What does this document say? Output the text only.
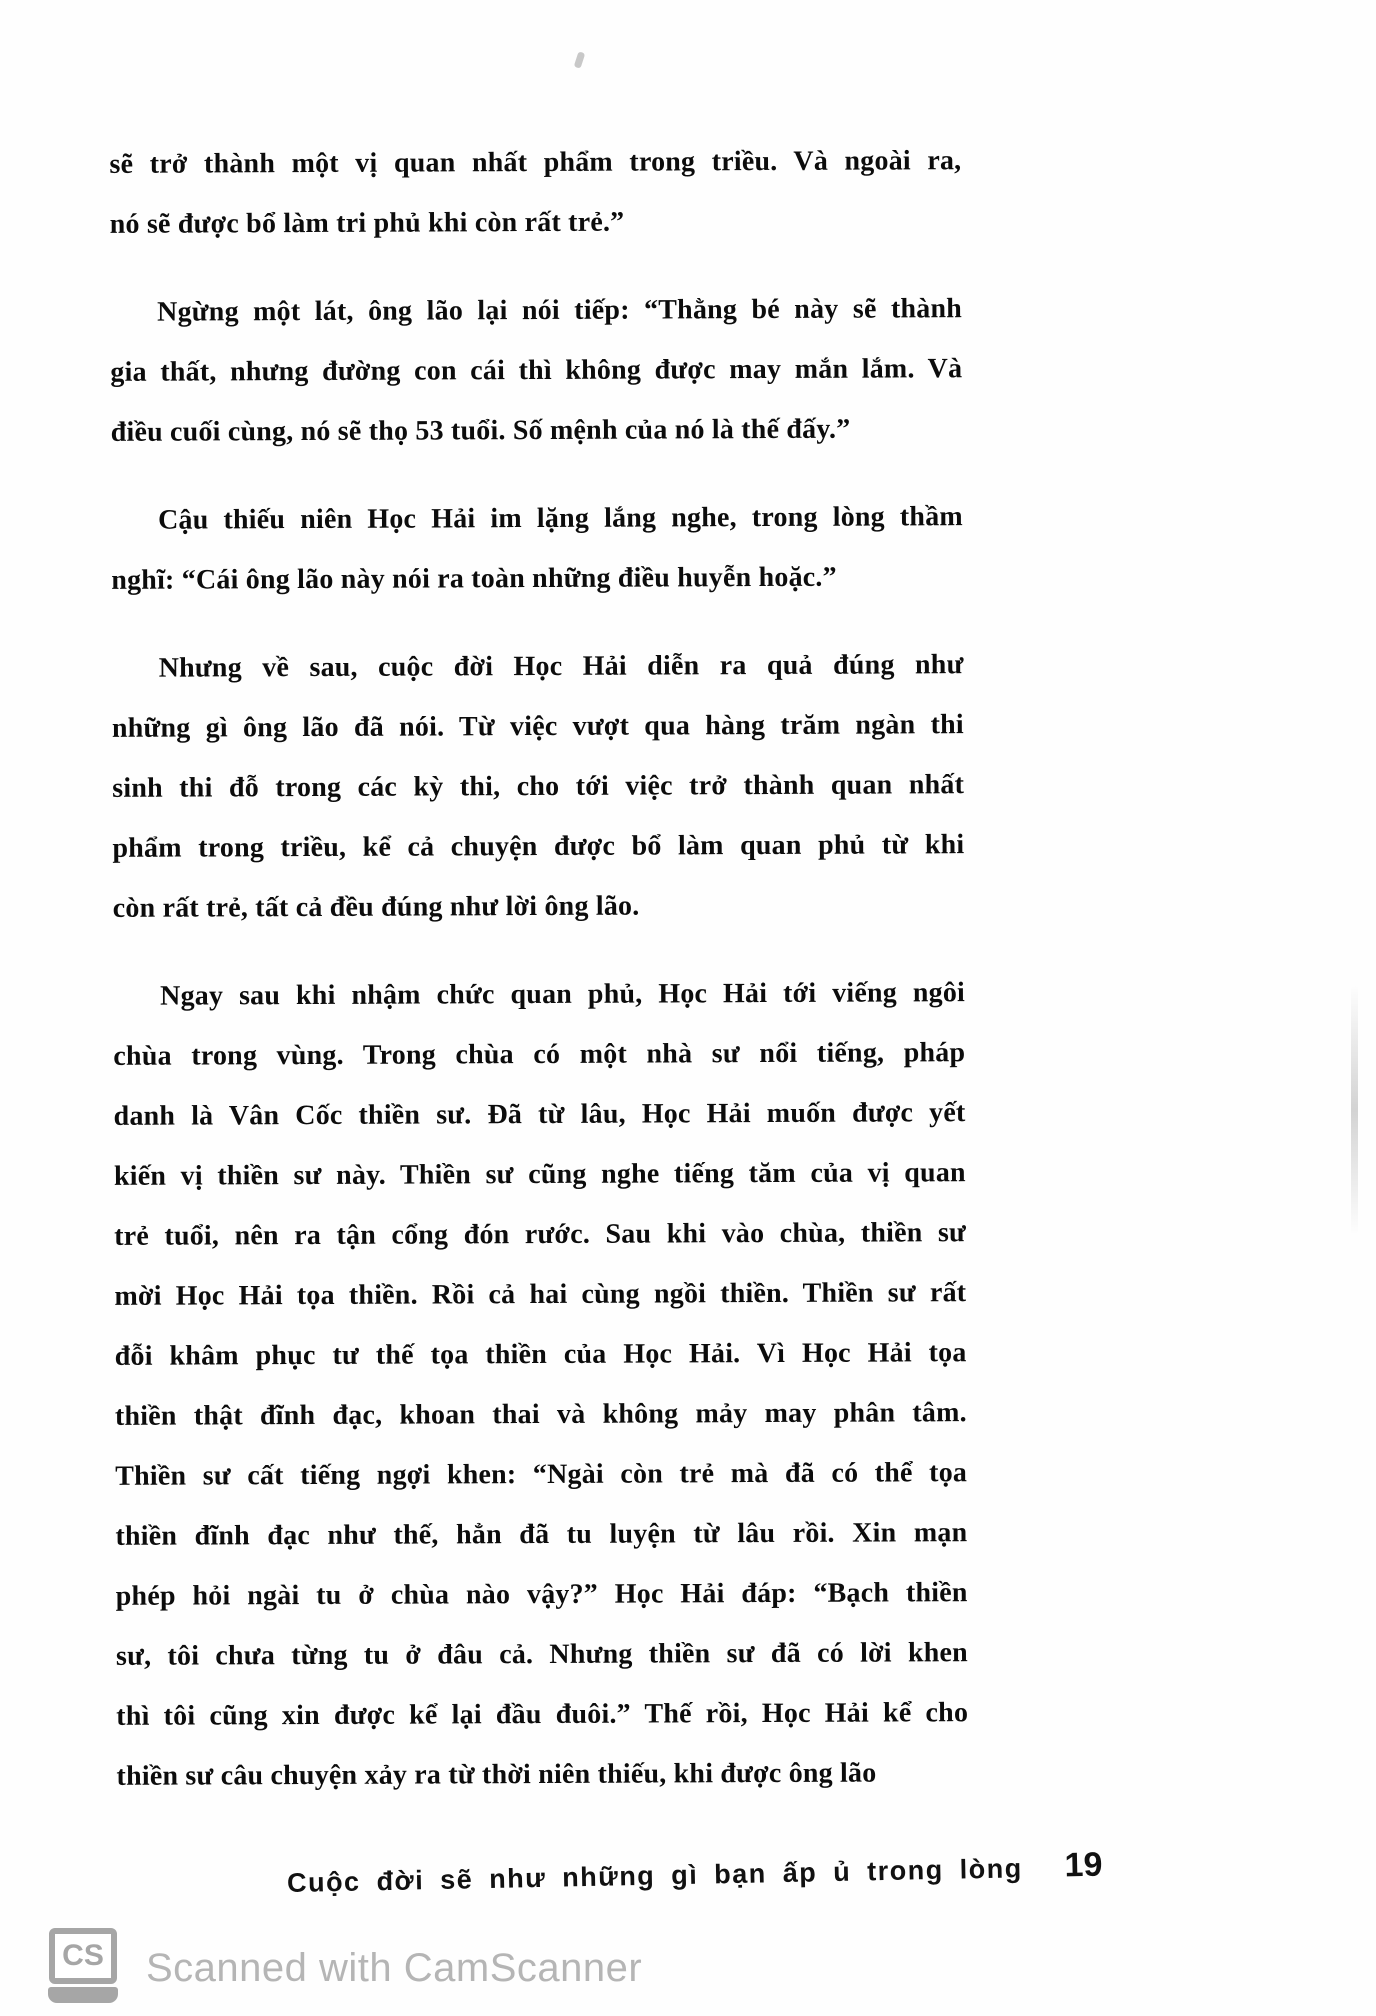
sẽ trở thành một vị quan nhất phẩm trong triều. Và ngoài ra,
nó sẽ được bổ làm tri phủ khi còn rất trẻ.”
Ngừng một lát, ông lão lại nói tiếp: “Thằng bé này sẽ thành
gia thất, nhưng đường con cái thì không được may mắn lắm. Và
điều cuối cùng, nó sẽ thọ 53 tuổi. Số mệnh của nó là thế đấy.”
Cậu thiếu niên Học Hải im lặng lắng nghe, trong lòng thầm
nghĩ: “Cái ông lão này nói ra toàn những điều huyễn hoặc.”
Nhưng về sau, cuộc đời Học Hải diễn ra quả đúng như
những gì ông lão đã nói. Từ việc vượt qua hàng trăm ngàn thi
sinh thi đỗ trong các kỳ thi, cho tới việc trở thành quan nhất
phẩm trong triều, kể cả chuyện được bổ làm quan phủ từ khi
còn rất trẻ, tất cả đều đúng như lời ông lão.
Ngay sau khi nhậm chức quan phủ, Học Hải tới viếng ngôi
chùa trong vùng. Trong chùa có một nhà sư nổi tiếng, pháp
danh là Vân Cốc thiền sư. Đã từ lâu, Học Hải muốn được yết
kiến vị thiền sư này. Thiền sư cũng nghe tiếng tăm của vị quan
trẻ tuổi, nên ra tận cổng đón rước. Sau khi vào chùa, thiền sư
mời Học Hải tọa thiền. Rồi cả hai cùng ngồi thiền. Thiền sư rất
đỗi khâm phục tư thế tọa thiền của Học Hải. Vì Học Hải tọa
thiền thật đĩnh đạc, khoan thai và không mảy may phân tâm.
Thiền sư cất tiếng ngợi khen: “Ngài còn trẻ mà đã có thể tọa
thiền đĩnh đạc như thế, hẳn đã tu luyện từ lâu rồi. Xin mạn
phép hỏi ngài tu ở chùa nào vậy?” Học Hải đáp: “Bạch thiền
sư, tôi chưa từng tu ở đâu cả. Nhưng thiền sư đã có lời khen
thì tôi cũng xin được kể lại đầu đuôi.” Thế rồi, Học Hải kể cho
thiền sư câu chuyện xảy ra từ thời niên thiếu, khi được ông lão
Cuộc đời sẽ như những gì bạn ấp ủ trong lòng 19
CS	Scanned with CamScanner
